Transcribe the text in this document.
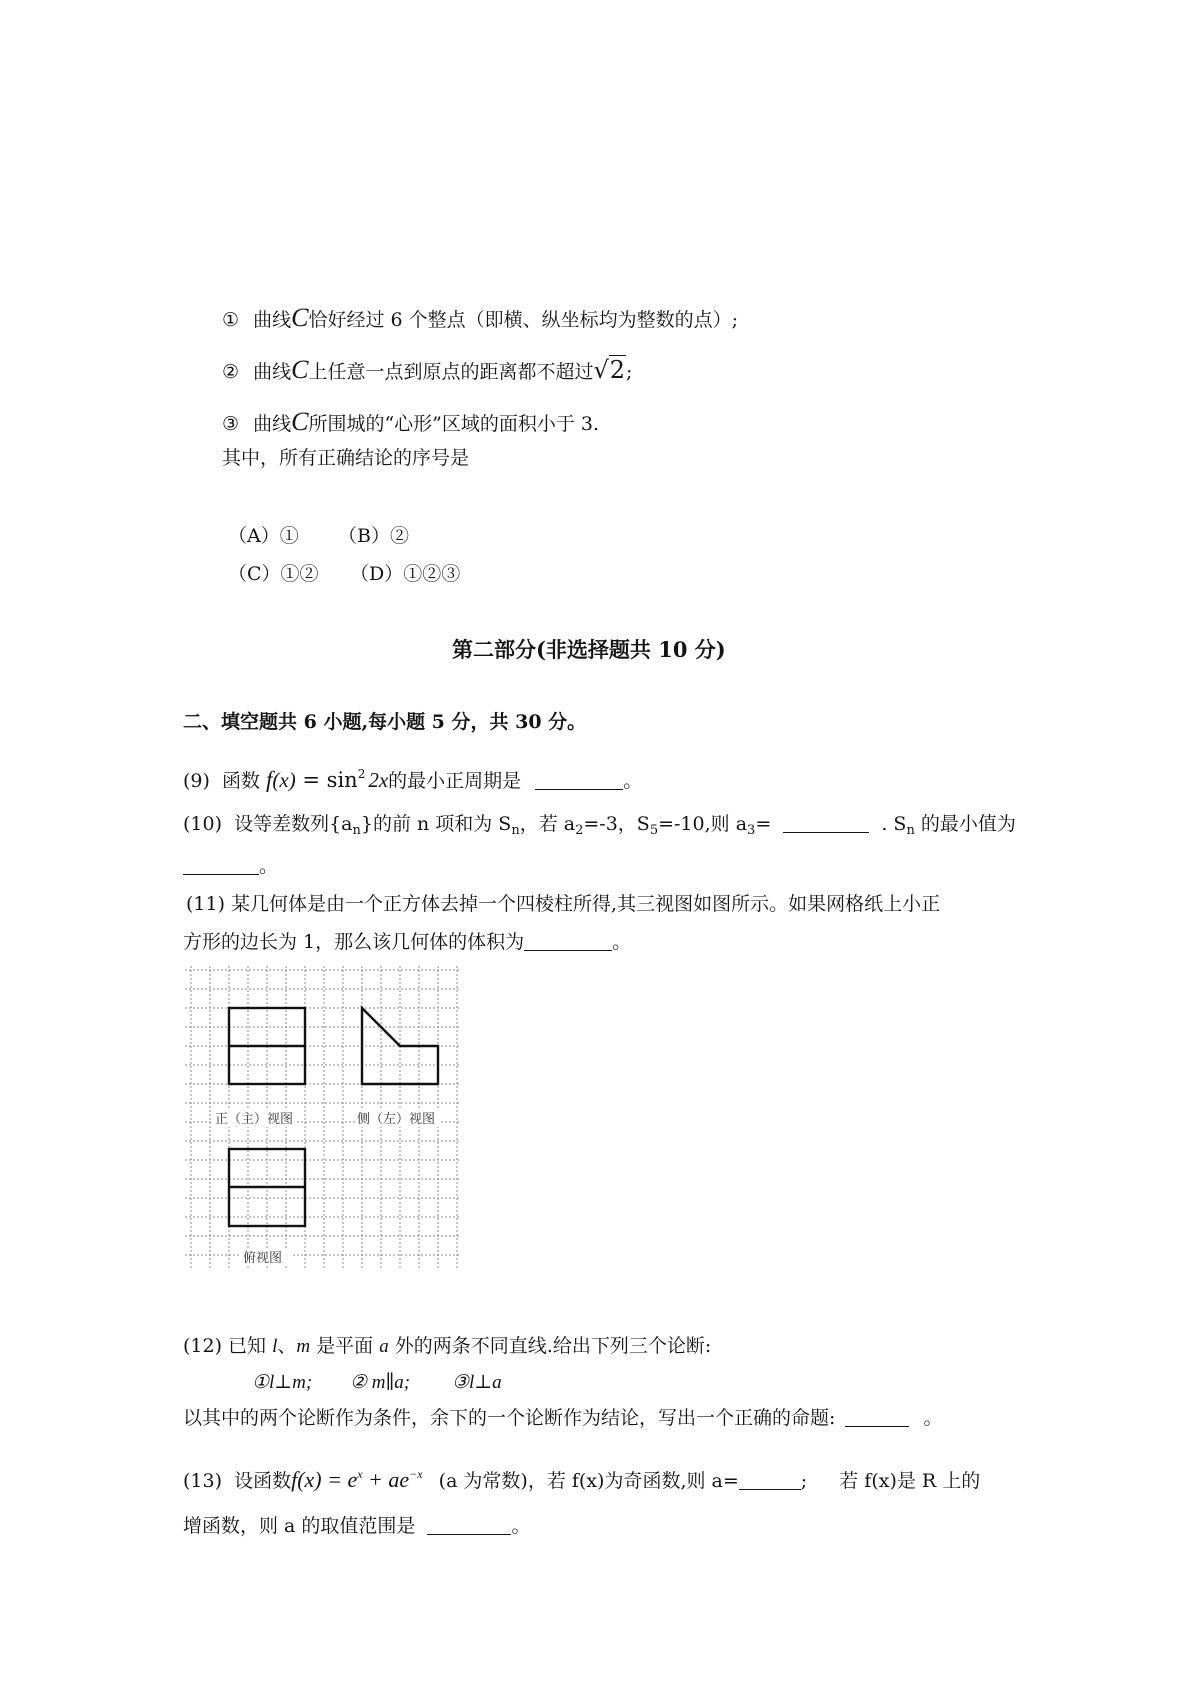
① 曲线C恰好经过 6 个整点（即横、纵坐标均为整数的点）;
② 曲线C上任意一点到原点的距离都不超过√2;
③ 曲线C所围城的“心形”区域的面积小于 3.
其中，所有正确结论的序号是
（A）① （B）②
（C）①② （D）①②③
第二部分(非选择题共 10 分)
二、填空题共 6 小题,每小题 5 分，共 30 分。
(9) 函数 $f(x) = \sin^2 2x$的最小正周期是	。
(10) 设等差数列$\{a_n\}$的前 n 项和为 $S_n$，若 $a_2=-3$，$S_5=-10$,则 $a_3=$	. $S_n$ 的最小值为
。
(11) 某几何体是由一个正方体去掉一个四棱柱所得,其三视图如图所示。如果网格纸上小正
方形的边长为 1，那么该几何体的体积为	。
正（主）视图	侧（左）视图
俯视图
(12) 已知 l、m 是平面 a 外的两条不同直线.给出下列三个论断:
①l⊥m; ② m∥a; ③l⊥a
以其中的两个论断作为条件，余下的一个论断作为结论，写出一个正确的命题:	。
(13) 设函数$f(x) = e^x + ae^{-x}$ (a 为常数)，若 f(x)为奇函数,则 a=	; 若 f(x)是 R 上的
增函数，则 a 的取值范围是	。
